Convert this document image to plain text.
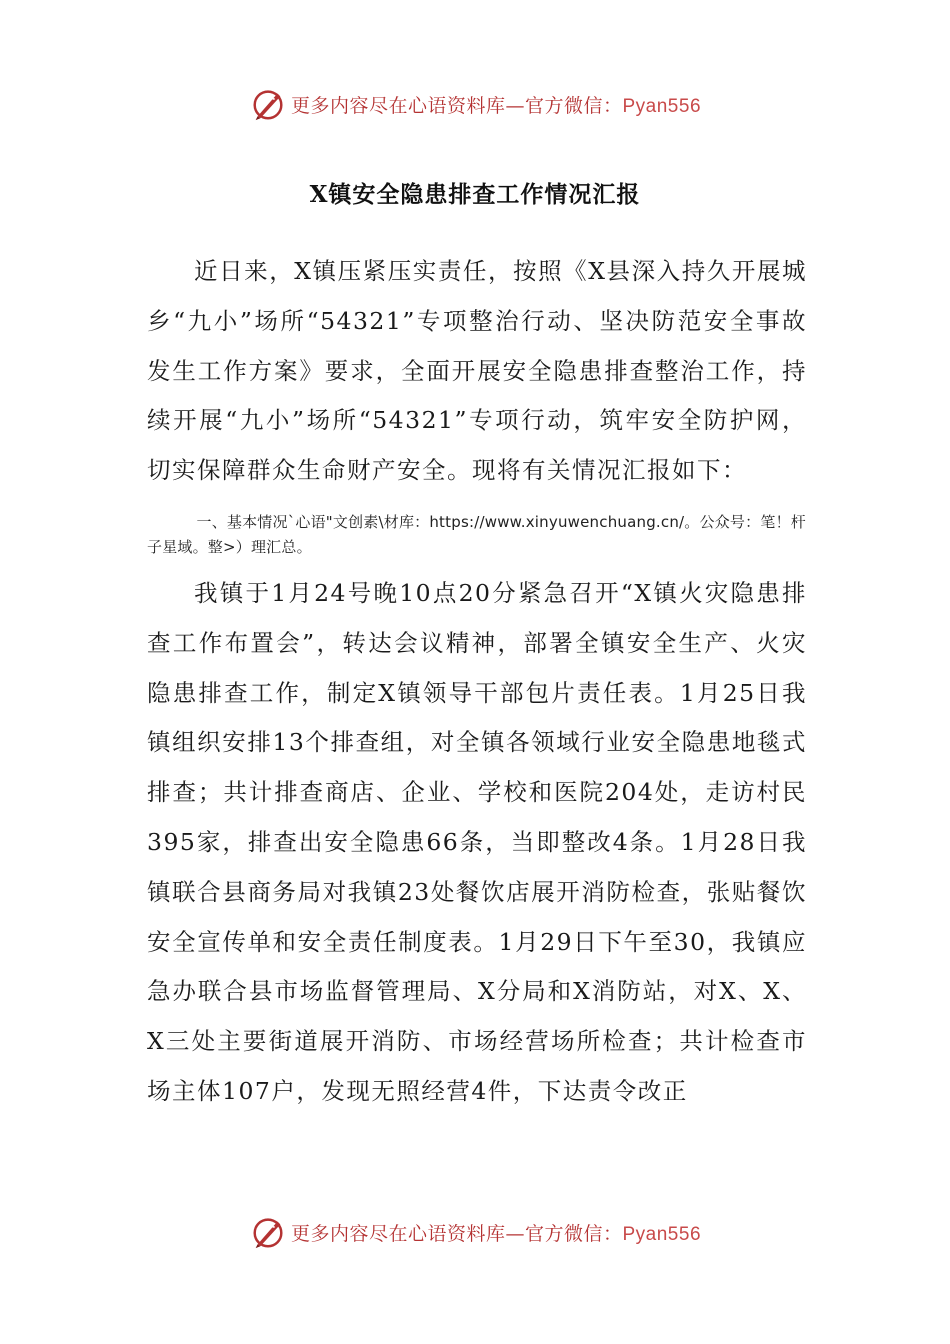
更多内容尽在心语资料库—官方微信：Pyan556
X镇安全隐患排查工作情况汇报

近日来，X镇压紧压实责任，按照《X县深入持久开展城乡“九小”场所“54321”专项整治行动、坚决防范安全事故发生工作方案》要求，全面开展安全隐患排查整治工作，持续开展“九小”场所“54321”专项行动，筑牢安全防护网，切实保障群众生命财产安全。现将有关情况汇报如下：

一、基本情况`心语"文创素\材库：https://www.xinyuwenchuang.cn/。公众号：笔！杆子星域。整>）理汇总。

我镇于1月24号晚10点20分紧急召开“X镇火灾隐患排查工作布置会”，转达会议精神，部署全镇安全生产、火灾隐患排查工作，制定X镇领导干部包片责任表。1月25日我镇组织安排13个排查组，对全镇各领域行业安全隐患地毯式排查；共计排查商店、企业、学校和医院204处，走访村民395家，排查出安全隐患66条，当即整改4条。1月28日我镇联合县商务局对我镇23处餐饮店展开消防检查，张贴餐饮安全宣传单和安全责任制度表。1月29日下午至30，我镇应急办联合县市场监督管理局、X分局和X消防站，对X、X、X三处主要街道展开消防、市场经营场所检查；共计检查市场主体107户，发现无照经营4件，下达责令改正

更多内容尽在心语资料库—官方微信：Pyan556
